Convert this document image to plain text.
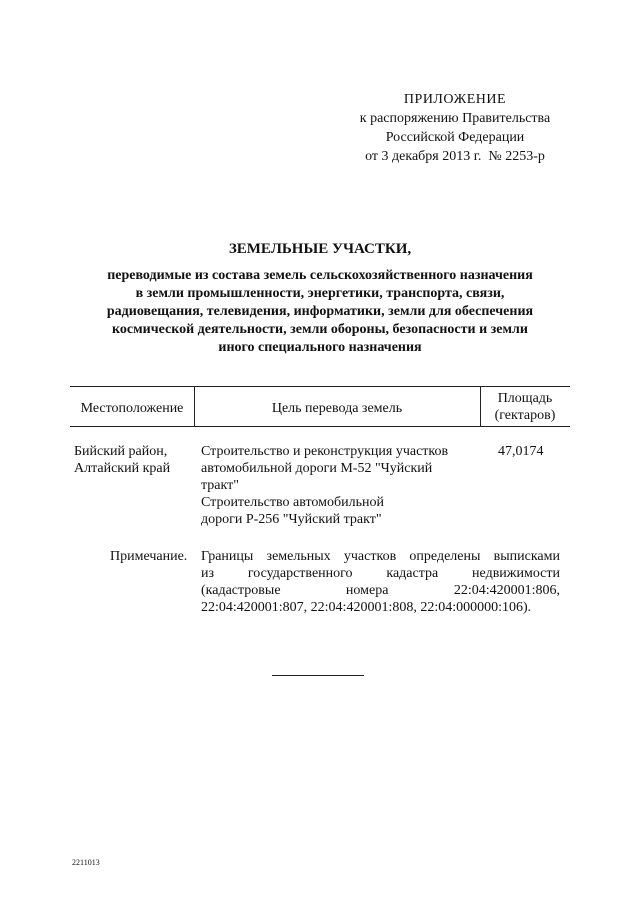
ПРИЛОЖЕНИЕ
к распоряжению Правительства
Российской Федерации
от 3 декабря 2013 г.  № 2253-р
ЗЕМЕЛЬНЫЕ УЧАСТКИ,
переводимые из состава земель сельскохозяйственного назначения
в земли промышленности, энергетики, транспорта, связи,
радиовещания, телевидения, информатики, земли для обеспечения
космической деятельности, земли обороны, безопасности и земли
иного специального назначения
Местоположение	Цель перевода земель
Площадь
(гектаров)
Бийский район,
Алтайский край
Строительство и реконструкция участков
автомобильной дороги М-52 "Чуйский
тракт"
Строительство автомобильной
дороги Р-256 "Чуйский тракт"
47,0174
Примечание. Границы земельных участков определены выписками
из государственного кадастра недвижимости
(кадастровые номера 22:04:420001:806,
22:04:420001:807, 22:04:420001:808, 22:04:000000:106).
2211013
